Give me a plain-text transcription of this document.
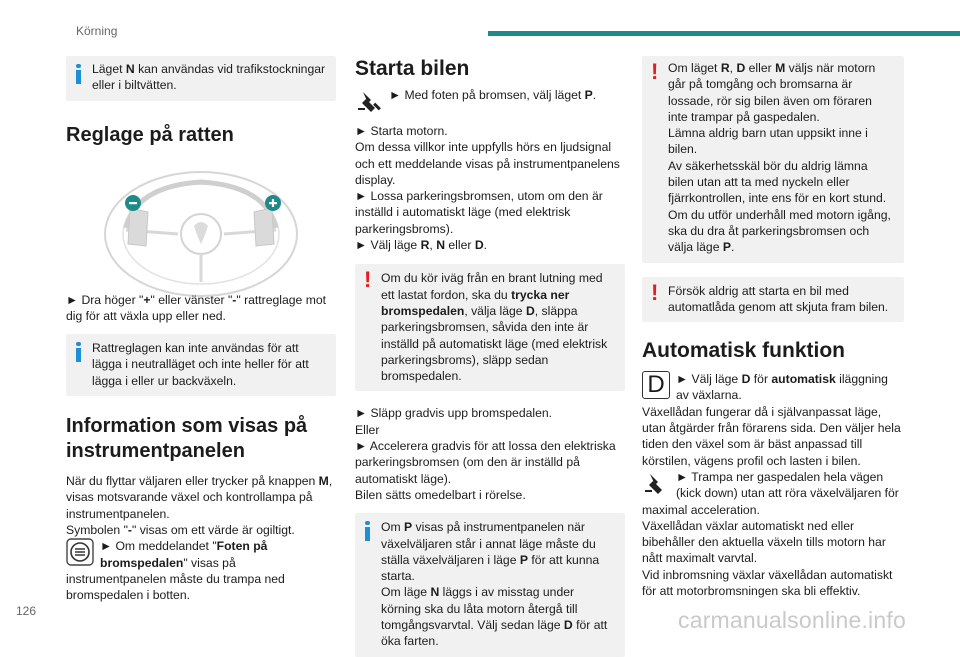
Körning

Läget N kan användas vid trafikstockningar eller i biltvätten.

Reglage på ratten

► Dra höger "+" eller vänster "-" rattreglage mot dig för att växla upp eller ned.

Rattreglagen kan inte användas för att lägga i neutralläget och inte heller för att lägga i eller ur backväxeln.

Information som visas på instrumentpanelen

När du flyttar väljaren eller trycker på knappen M, visas motsvarande växel och kontrollampa på instrumentpanelen.

Symbolen "-" visas om ett värde är ogiltigt.

► Om meddelandet "Foten på bromspedalen" visas på instrumentpanelen måste du trampa ned bromspedalen i botten.

Starta bilen

► Med foten på bromsen, välj läget P.

► Starta motorn.

Om dessa villkor inte uppfylls hörs en ljudsignal och ett meddelande visas på instrumentpanelens display.

► Lossa parkeringsbromsen, utom om den är inställd i automatiskt läge (med elektrisk parkeringsbroms).

► Välj läge R, N eller D.

! Om du kör iväg från en brant lutning med ett lastat fordon, ska du trycka ner bromspedalen, välja läge D, släppa parkeringsbromsen, såvida den inte är inställd på automatiskt läge (med elektrisk parkeringsbroms), släpp sedan bromspedalen.

► Släpp gradvis upp bromspedalen.

Eller

► Accelerera gradvis för att lossa den elektriska parkeringsbromsen (om den är inställd på automatiskt läge).

Bilen sätts omedelbart i rörelse.

Om P visas på instrumentpanelen när växelväljaren står i annat läge måste du ställa växelväljaren i läge P för att kunna starta.

Om läge N läggs i av misstag under körning ska du låta motorn återgå till tomgångsvarvtal. Välj sedan läge D för att öka farten.

! Om läget R, D eller M väljs när motorn går på tomgång och bromsarna är lossade, rör sig bilen även om föraren inte trampar på gaspedalen.

Lämna aldrig barn utan uppsikt inne i bilen.

Av säkerhetsskäl bör du aldrig lämna bilen utan att ta med nyckeln eller fjärrkontrollen, inte ens för en kort stund.

Om du utför underhåll med motorn igång, ska du dra åt parkeringsbromsen och välja läge P.

! Försök aldrig att starta en bil med automatlåda genom att skjuta fram bilen.

Automatisk funktion
D ► Välj läge D för automatisk iläggning av växlarna.

Växellådan fungerar då i självanpassat läge, utan åtgärder från förarens sida. Den väljer hela tiden den växel som är bäst anpassad till körstilen, vägens profil och lasten i bilen.

► Trampa ner gaspedalen hela vägen (kick down) utan att röra växelväljaren för maximal acceleration.

Växellådan växlar automatiskt ned eller bibehåller den aktuella växeln tills motorn har nått maximalt varvtal.

Vid inbromsning växlar växellådan automatiskt för att motorbromsningen ska bli effektiv.

126	carmanualsonline.info
